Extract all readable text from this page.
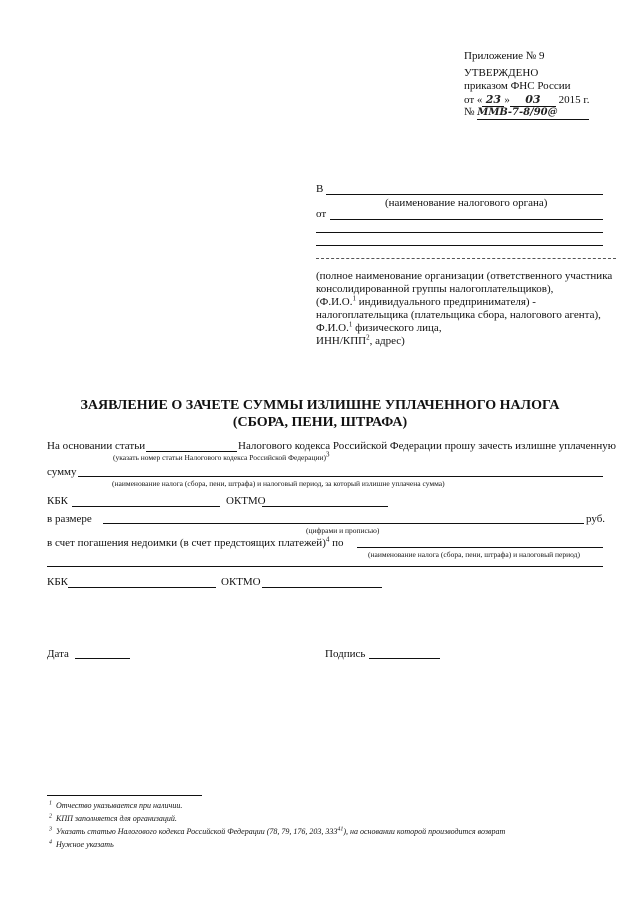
Приложение № 9
УТВЕРЖДЕНО
приказом ФНС России
от « 23 » 03 2015 г.
№ ММВ-7-8/90@
В
(наименование налогового органа)
от
(полное наименование организации (ответственного участника
консолидированной группы налогоплательщиков),
(Ф.И.О.$^1$ индивидуального предпринимателя) -
налогоплательщика (плательщика сбора, налогового агента),
Ф.И.О.$^1$ физического лица,
ИНН/КПП$^2$, адрес)
ЗАЯВЛЕНИЕ О ЗАЧЕТЕ СУММЫ ИЗЛИШНЕ УПЛАЧЕННОГО НАЛОГА (СБОРА, ПЕНИ, ШТРАФА)
На основании статьи	Налогового кодекса Российской Федерации прошу зачесть излишне уплаченную
(указать номер статьи Налогового кодекса Российской Федерации)$^3$
сумму
(наименование налога (сбора, пени, штрафа) и налоговый период, за который излишне уплачена сумма)
КБК	ОКТМО
в размере	руб.
(цифрами и прописью)
в счет погашения недоимки (в счет предстоящих платежей)$^4$ по
(наименование налога (сбора, пени, штрафа) и налоговый период)
КБК	ОКТМО
Дата	Подпись
$^1$ Отчество указывается при наличии.
$^2$ КПП заполняется для организаций.
$^3$ Указать статью Налогового кодекса Российской Федерации (78, 79, 176, 203, $333^{41}$), на основании которой производится возврат
$^4$ Нужное указать
